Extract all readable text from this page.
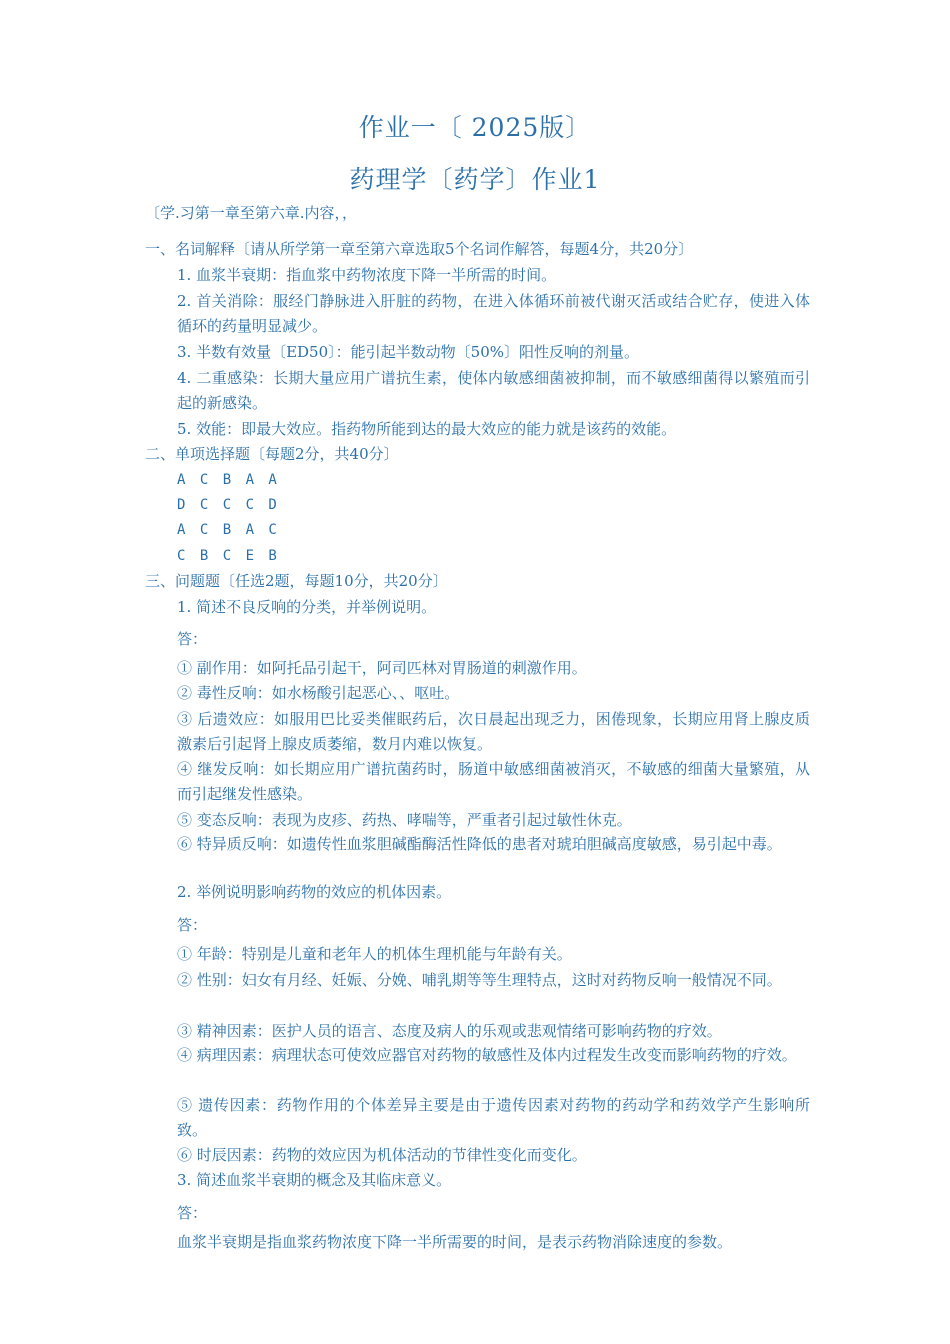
作业一〔 2025版〕
药理学〔药学〕作业1
〔学.习第一章至第六章.内容，，
一、名词解释〔请从所学第一章至第六章选取5个名词作解答，每题4分，共20分〕
1. 血浆半衰期：指血浆中药物浓度下降一半所需的时间。
2. 首关消除：服经门静脉进入肝脏的药物，在进入体循环前被代谢灭活或结合贮存，使进入体循环的药量明显减少。
3. 半数有效量〔ED50〕：能引起半数动物〔50%〕阳性反响的剂量。
4. 二重感染：长期大量应用广谱抗生素，使体内敏感细菌被抑制，而不敏感细菌得以繁殖而引起的新感染。
5. 效能：即最大效应。指药物所能到达的最大效应的能力就是该药的效能。
二、单项选择题〔每题2分，共40分〕
A C B A A
D C C C D
A C B A C
C B C E B
三、问题题〔任选2题，每题10分，共20分〕
1. 简述不良反响的分类，并举例说明。
答：
① 副作用：如阿托品引起干，阿司匹林对胃肠道的刺激作用。
② 毒性反响：如水杨酸引起恶心、、呕吐。
③ 后遗效应：如服用巴比妥类催眠药后，次日晨起出现乏力，困倦现象，长期应用肾上腺皮质激素后引起肾上腺皮质萎缩，数月内难以恢复。
④ 继发反响：如长期应用广谱抗菌药时，肠道中敏感细菌被消灭，不敏感的细菌大量繁殖，从而引起继发性感染。
⑤ 变态反响：表现为皮疹、药热、哮喘等，严重者引起过敏性休克。
⑥ 特异质反响：如遗传性血浆胆碱酯酶活性降低的患者对琥珀胆碱高度敏感，易引起中毒。
2. 举例说明影响药物的效应的机体因素。
答：
① 年龄：特别是儿童和老年人的机体生理机能与年龄有关。
② 性别：妇女有月经、妊娠、分娩、哺乳期等等生理特点，这时对药物反响一般情况不同。
③ 精神因素：医护人员的语言、态度及病人的乐观或悲观情绪可影响药物的疗效。
④ 病理因素：病理状态可使效应器官对药物的敏感性及体内过程发生改变而影响药物的疗效。
⑤ 遗传因素：药物作用的个体差异主要是由于遗传因素对药物的药动学和药效学产生影响所致。
⑥ 时辰因素：药物的效应因为机体活动的节律性变化而变化。
3. 简述血浆半衰期的概念及其临床意义。
答：
血浆半衰期是指血浆药物浓度下降一半所需要的时间，是表示药物消除速度的参数。
